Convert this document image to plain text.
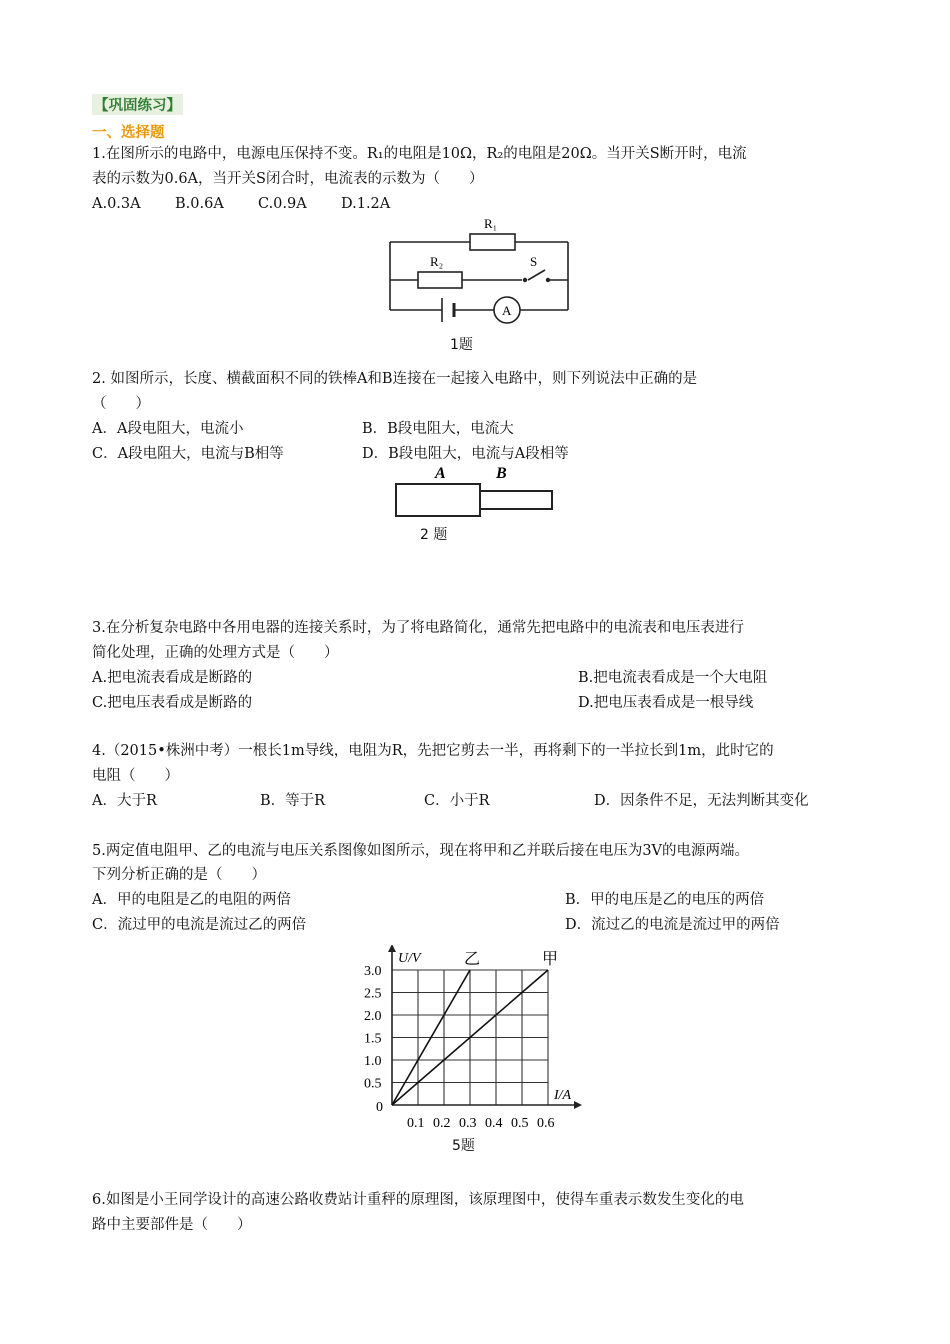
【巩固练习】
一、选择题
1.在图所示的电路中，电源电压保持不变。R₁的电阻是10Ω，R₂的电阻是20Ω。当开关S断开时，电流
表的示数为0.6A，当开关S闭合时，电流表的示数为（　　）
A.0.3A B.0.6A C.0.9A D.1.2A
A
R₁
R₂	S
1题
2. 如图所示，长度、横截面积不同的铁棒A和B连接在一起接入电路中，则下列说法中正确的是
（　　）
A．A段电阻大，电流小	B．B段电阻大，电流大
C．A段电阻大，电流与B相等	D．B段电阻大，电流与A段相等
A	B
2 题
3.在分析复杂电路中各用电器的连接关系时，为了将电路简化，通常先把电路中的电流表和电压表进行
简化处理，正确的处理方式是（　　）
A.把电流表看成是断路的	B.把电流表看成是一个大电阻
C.把电压表看成是断路的	D.把电压表看成是一根导线
4.（2015•株洲中考）一根长1m导线，电阻为R，先把它剪去一半，再将剩下的一半拉长到1m，此时它的
电阻（　　）
A．大于R	B．等于R	C．小于R	D．因条件不足，无法判断其变化
5.两定值电阻甲、乙的电流与电压关系图像如图所示，现在将甲和乙并联后接在电压为3V的电源两端。
下列分析正确的是（　　）
A．甲的电阻是乙的电阻的两倍	B．甲的电压是乙的电压的两倍
C．流过甲的电流是流过乙的两倍	D．流过乙的电流是流过甲的两倍
I/A
U/V
0
0.1 0.2 0.3 0.4 0.5 0.6
0.5
1.0
1.5
2.0
2.5
3.0
乙	甲
5题
6.如图是小王同学设计的高速公路收费站计重秤的原理图，该原理图中，使得车重表示数发生变化的电
路中主要部件是（　　）
